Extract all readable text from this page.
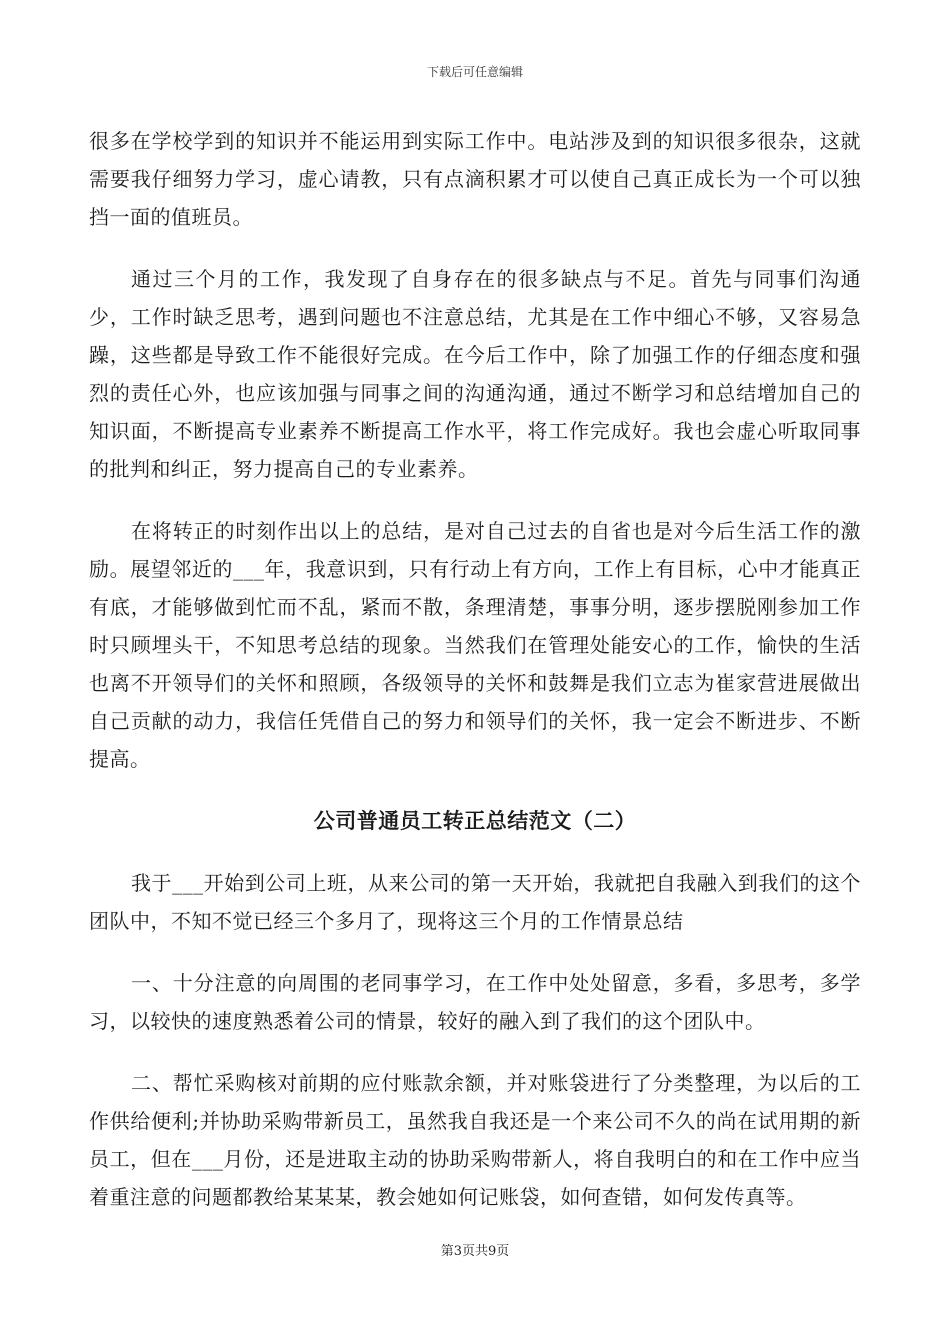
下载后可任意编辑

很多在学校学到的知识并不能运用到实际工作中。电站涉及到的知识很多很杂，这就需要我仔细努力学习，虚心请教，只有点滴积累才可以使自己真正成长为一个可以独挡一面的值班员。

通过三个月的工作，我发现了自身存在的很多缺点与不足。首先与同事们沟通少，工作时缺乏思考，遇到问题也不注意总结，尤其是在工作中细心不够，又容易急躁，这些都是导致工作不能很好完成。在今后工作中，除了加强工作的仔细态度和强烈的责任心外，也应该加强与同事之间的沟通沟通，通过不断学习和总结增加自己的知识面，不断提高专业素养不断提高工作水平，将工作完成好。我也会虚心听取同事的批判和纠正，努力提高自己的专业素养。

在将转正的时刻作出以上的总结，是对自己过去的自省也是对今后生活工作的激励。展望邻近的___年，我意识到，只有行动上有方向，工作上有目标，心中才能真正有底，才能够做到忙而不乱，紧而不散，条理清楚，事事分明，逐步摆脱刚参加工作时只顾埋头干，不知思考总结的现象。当然我们在管理处能安心的工作，愉快的生活也离不开领导们的关怀和照顾，各级领导的关怀和鼓舞是我们立志为崔家营进展做出自己贡献的动力，我信任凭借自己的努力和领导们的关怀，我一定会不断进步、不断提高。

公司普通员工转正总结范文（二）

我于___开始到公司上班，从来公司的第一天开始，我就把自我融入到我们的这个团队中，不知不觉已经三个多月了，现将这三个月的工作情景总结

一、十分注意的向周围的老同事学习，在工作中处处留意，多看，多思考，多学习，以较快的速度熟悉着公司的情景，较好的融入到了我们的这个团队中。

二、帮忙采购核对前期的应付账款余额，并对账袋进行了分类整理，为以后的工作供给便利;并协助采购带新员工，虽然我自我还是一个来公司不久的尚在试用期的新员工，但在___月份，还是进取主动的协助采购带新人，将自我明白的和在工作中应当着重注意的问题都教给某某某，教会她如何记账袋，如何查错，如何发传真等。

第3页共9页
